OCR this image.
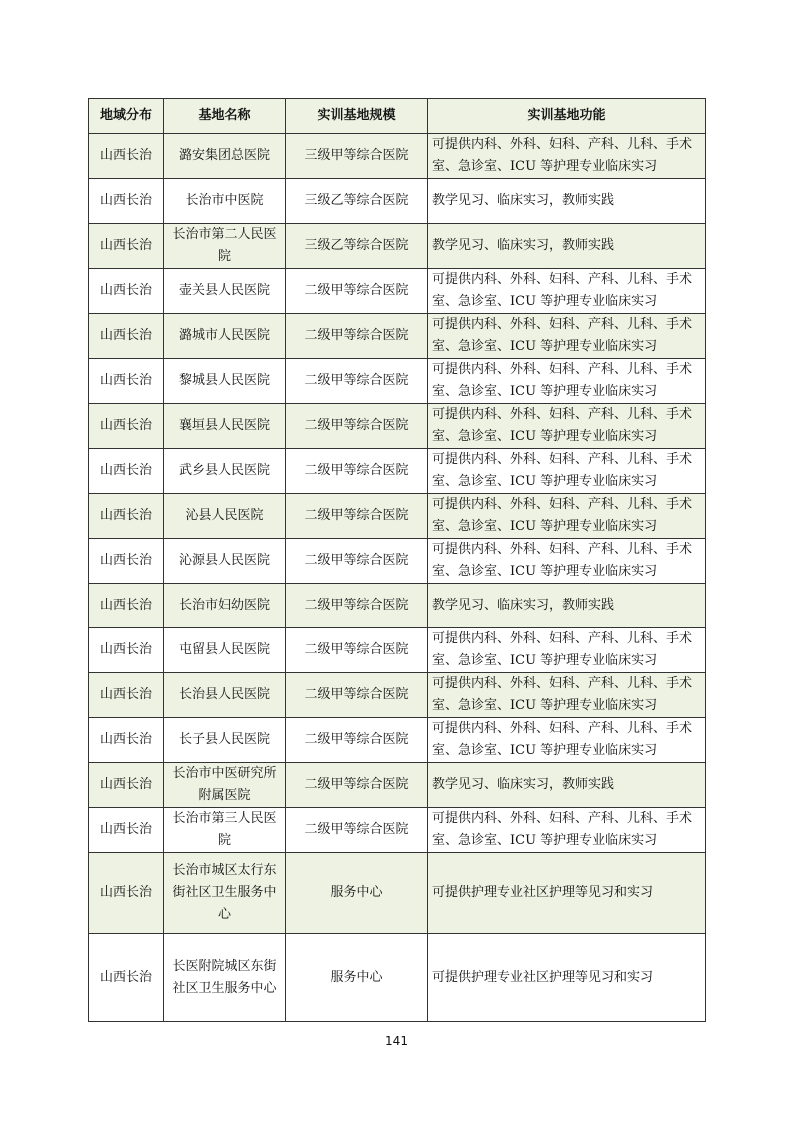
地域分布	基地名称	实训基地规模	实训基地功能
山西长治	潞安集团总医院	三级甲等综合医院	可提供内科、外科、妇科、产科、儿科、手术室、急诊室、ICU 等护理专业临床实习
山西长治	长治市中医院	三级乙等综合医院	教学见习、临床实习，教师实践
山西长治	长治市第二人民医院	三级乙等综合医院	教学见习、临床实习，教师实践
山西长治	壶关县人民医院	二级甲等综合医院	可提供内科、外科、妇科、产科、儿科、手术室、急诊室、ICU 等护理专业临床实习
山西长治	潞城市人民医院	二级甲等综合医院	可提供内科、外科、妇科、产科、儿科、手术室、急诊室、ICU 等护理专业临床实习
山西长治	黎城县人民医院	二级甲等综合医院	可提供内科、外科、妇科、产科、儿科、手术室、急诊室、ICU 等护理专业临床实习
山西长治	襄垣县人民医院	二级甲等综合医院	可提供内科、外科、妇科、产科、儿科、手术室、急诊室、ICU 等护理专业临床实习
山西长治	武乡县人民医院	二级甲等综合医院	可提供内科、外科、妇科、产科、儿科、手术室、急诊室、ICU 等护理专业临床实习
山西长治	沁县人民医院	二级甲等综合医院	可提供内科、外科、妇科、产科、儿科、手术室、急诊室、ICU 等护理专业临床实习
山西长治	沁源县人民医院	二级甲等综合医院	可提供内科、外科、妇科、产科、儿科、手术室、急诊室、ICU 等护理专业临床实习
山西长治	长治市妇幼医院	二级甲等综合医院	教学见习、临床实习，教师实践
山西长治	屯留县人民医院	二级甲等综合医院	可提供内科、外科、妇科、产科、儿科、手术室、急诊室、ICU 等护理专业临床实习
山西长治	长治县人民医院	二级甲等综合医院	可提供内科、外科、妇科、产科、儿科、手术室、急诊室、ICU 等护理专业临床实习
山西长治	长子县人民医院	二级甲等综合医院	可提供内科、外科、妇科、产科、儿科、手术室、急诊室、ICU 等护理专业临床实习
山西长治	长治市中医研究所附属医院	二级甲等综合医院	教学见习、临床实习，教师实践
山西长治	长治市第三人民医院	二级甲等综合医院	可提供内科、外科、妇科、产科、儿科、手术室、急诊室、ICU 等护理专业临床实习
山西长治	长治市城区太行东街社区卫生服务中心	服务中心	可提供护理专业社区护理等见习和实习
山西长治	长医附院城区东街社区卫生服务中心	服务中心	可提供护理专业社区护理等见习和实习
141
